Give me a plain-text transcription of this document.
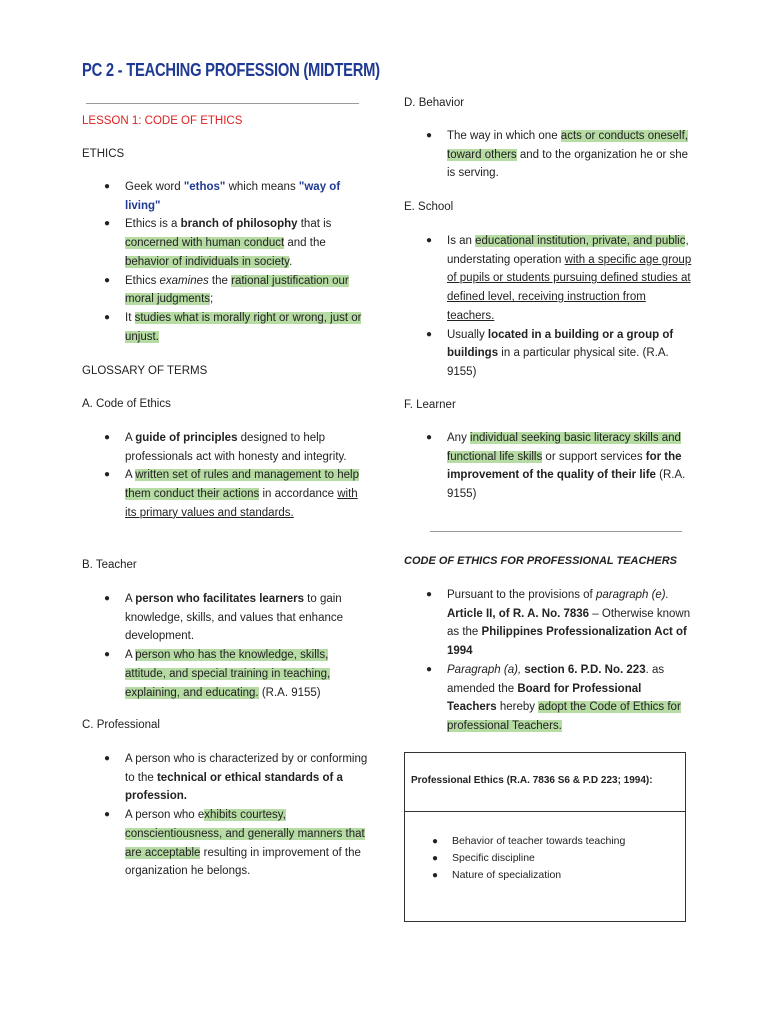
PC 2 - TEACHING PROFESSION (MIDTERM)
LESSON 1: CODE OF ETHICS
ETHICS
● Geek word "ethos" which means "way of living"
● Ethics is a branch of philosophy that is concerned with human conduct and the behavior of individuals in society.
● Ethics examines the rational justification our moral judgments;
● It studies what is morally right or wrong, just or unjust.
GLOSSARY OF TERMS
A. Code of Ethics
● A guide of principles designed to help professionals act with honesty and integrity.
● A written set of rules and management to help them conduct their actions in accordance with its primary values and standards.
B. Teacher
● A person who facilitates learners to gain knowledge, skills, and values that enhance development.
● A person who has the knowledge, skills, attitude, and special training in teaching, explaining, and educating. (R.A. 9155)
C. Professional
● A person who is characterized by or conforming to the technical or ethical standards of a profession.
● A person who exhibits courtesy, conscientiousness, and generally manners that are acceptable resulting in improvement of the organization he belongs.
D. Behavior
● The way in which one acts or conducts oneself, toward others and to the organization he or she is serving.
E. School
● Is an educational institution, private, and public, understating operation with a specific age group of pupils or students pursuing defined studies at defined level, receiving instruction from teachers.
● Usually located in a building or a group of buildings in a particular physical site. (R.A. 9155)
F. Learner
● Any individual seeking basic literacy skills and functional life skills or support services for the improvement of the quality of their life (R.A. 9155)
CODE OF ETHICS FOR PROFESSIONAL TEACHERS
● Pursuant to the provisions of paragraph (e). Article II, of R. A. No. 7836 – Otherwise known as the Philippines Professionalization Act of 1994
● Paragraph (a), section 6. P.D. No. 223. as amended the Board for Professional Teachers hereby adopt the Code of Ethics for professional Teachers.
Professional Ethics (R.A. 7836 S6 & P.D 223; 1994):
● Behavior of teacher towards teaching
● Specific discipline
● Nature of specialization
